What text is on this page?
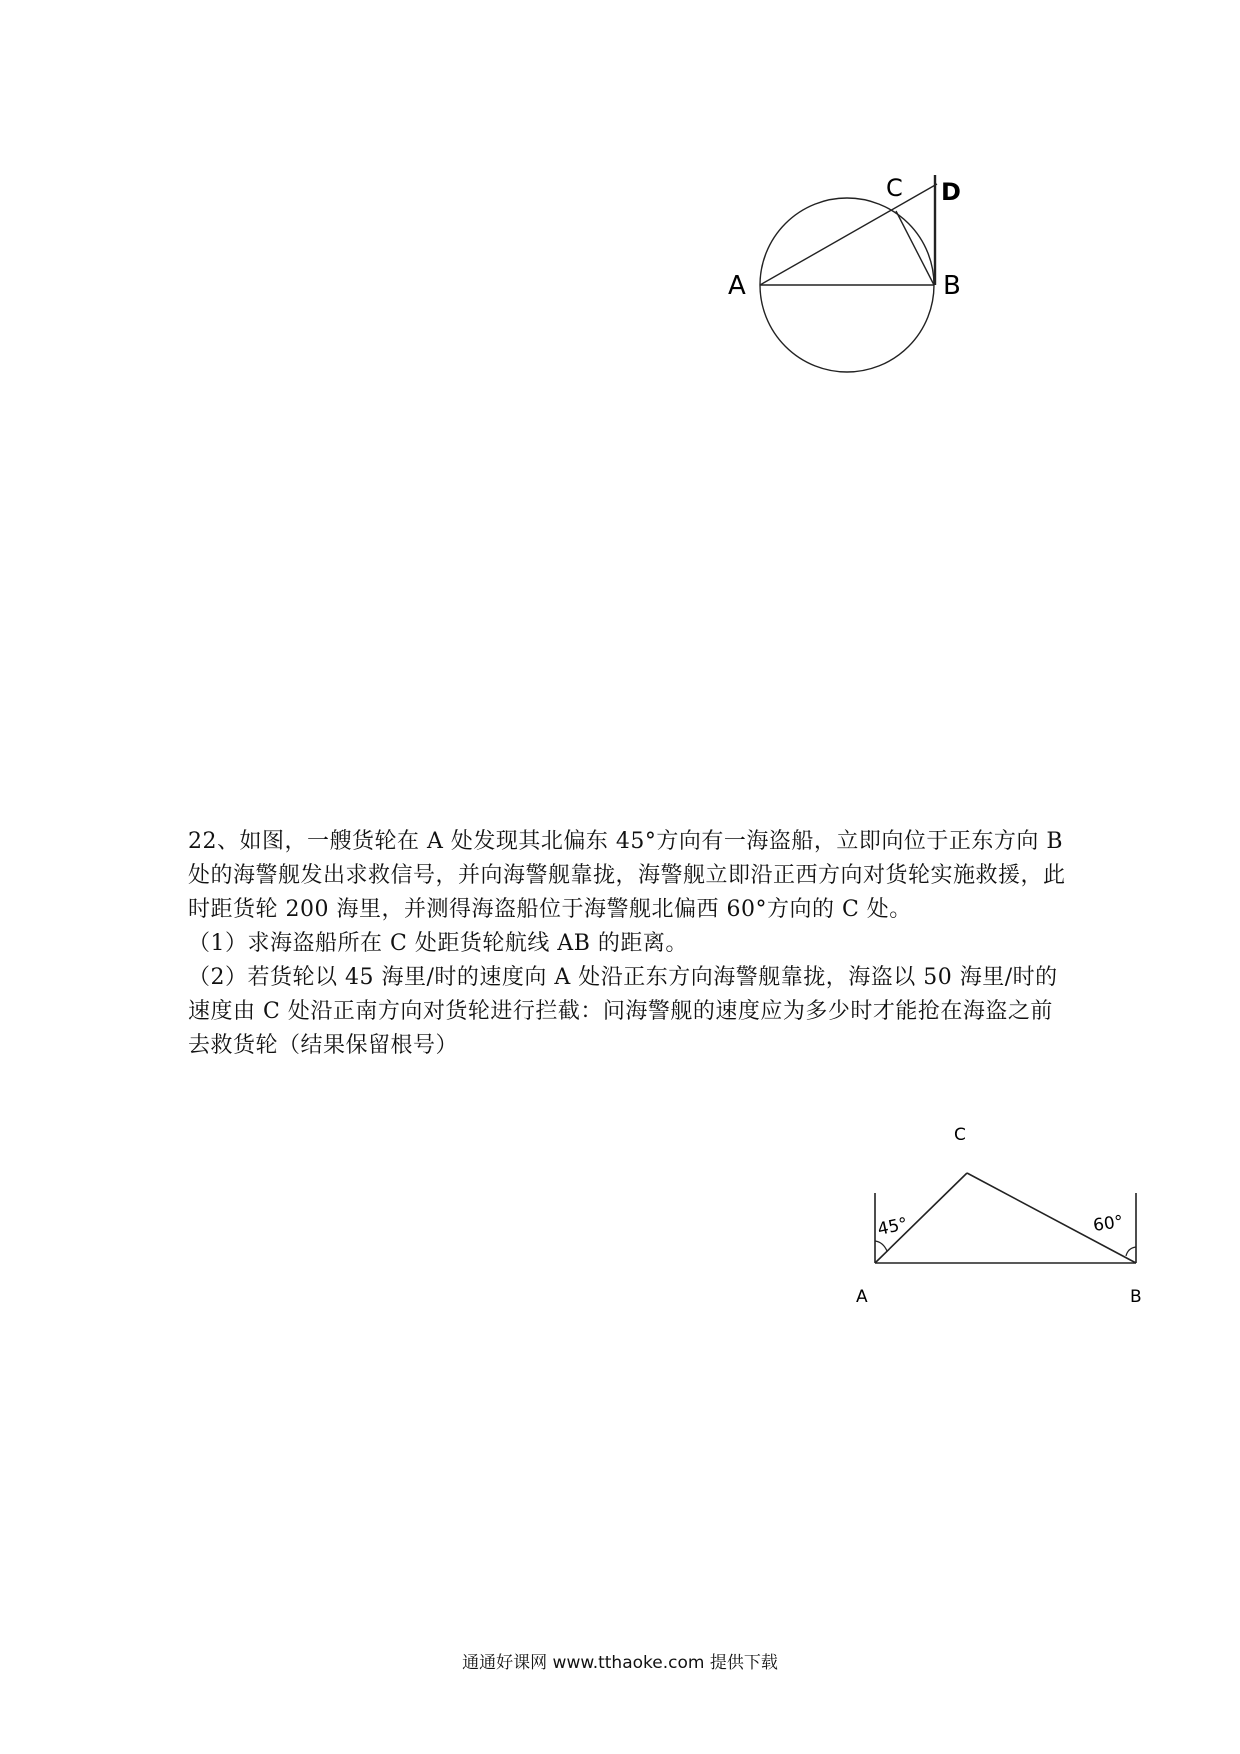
A	B
C D

22、如图，一艘货轮在 A 处发现其北偏东 45°方向有一海盗船，立即向位于正东方向 B 处的海警舰发出求救信号，并向海警舰靠拢，海警舰立即沿正西方向对货轮实施救援，此时距货轮 200 海里，并测得海盗船位于海警舰北偏西 60°方向的 C 处。

（1）求海盗船所在 C 处距货轮航线 AB 的距离。

（2）若货轮以 45 海里/时的速度向 A 处沿正东方向海警舰靠拢，海盗以 50 海里/时的速度由 C 处沿正南方向对货轮进行拦截：问海警舰的速度应为多少时才能抢在海盗之前去救货轮（结果保留根号）

45°	60°
A	B
C
通通好课网 www.tthaoke.com 提供下载
